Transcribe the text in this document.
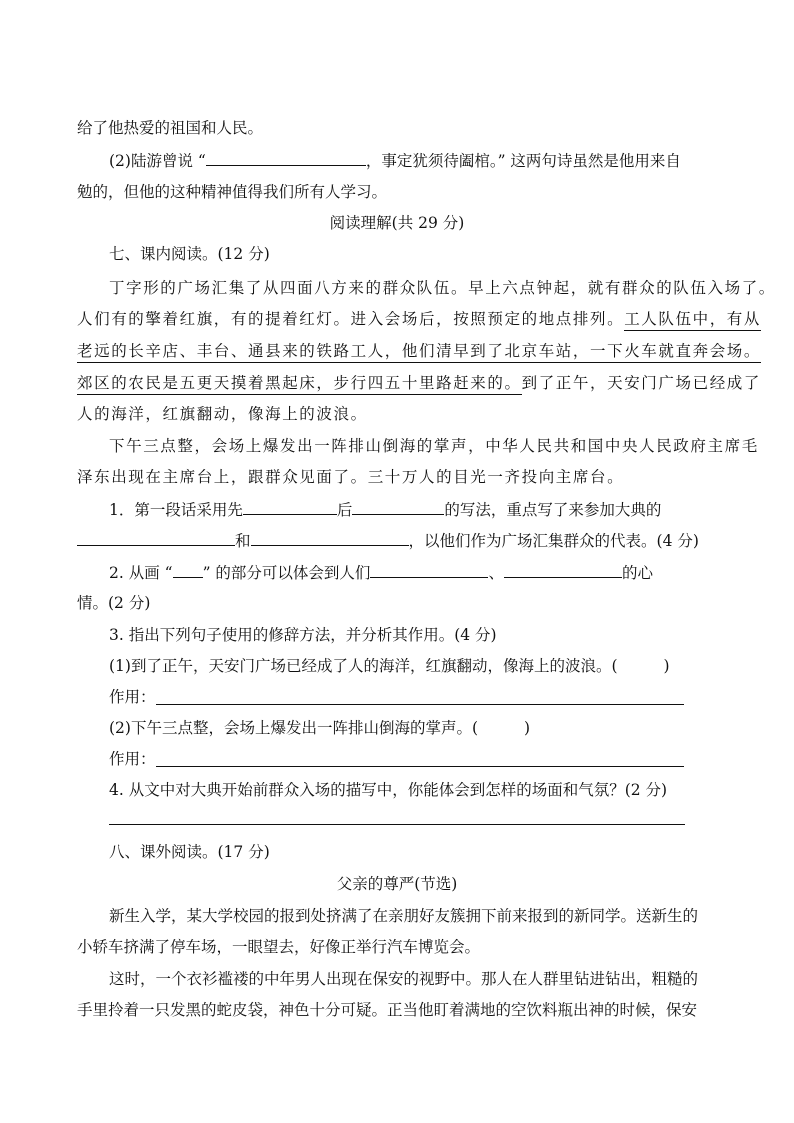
给了他热爱的祖国和人民。
(2)陆游曾说 “	，事定犹须待阖棺。” 这两句诗虽然是他用来自
勉的，但他的这种精神值得我们所有人学习。
阅读理解(共 29 分)
七、课内阅读。(12 分)
丁字形的广场汇集了从四面八方来的群众队伍。早上六点钟起，就有群众的队伍入场了。
人们有的擎着红旗，有的提着红灯。进入会场后，按照预定的地点排列。工人队伍中，有从
老远的长辛店、丰台、通县来的铁路工人，他们清早到了北京车站，一下火车就直奔会场。
郊区的农民是五更天摸着黑起床，步行四五十里路赶来的。到了正午，天安门广场已经成了
人的海洋，红旗翻动，像海上的波浪。
下午三点整，会场上爆发出一阵排山倒海的掌声，中华人民共和国中央人民政府主席毛
泽东出现在主席台上，跟群众见面了。三十万人的目光一齐投向主席台。
1．第一段话采用先	后	的写法，重点写了来参加大典的
和	，以他们作为广场汇集群众的代表。(4 分)
2. 从画 “ ” 的部分可以体会到人们	、	的心
情。(2 分)
3. 指出下列句子使用的修辞方法，并分析其作用。(4 分)
(1)到了正午，天安门广场已经成了人的海洋，红旗翻动，像海上的波浪。(	)
作用：
(2)下午三点整，会场上爆发出一阵排山倒海的掌声。(	)
作用：
4. 从文中对大典开始前群众入场的描写中，你能体会到怎样的场面和气氛？(2 分)
八、课外阅读。(17 分)
父亲的尊严(节选)
新生入学，某大学校园的报到处挤满了在亲朋好友簇拥下前来报到的新同学。送新生的
小轿车挤满了停车场，一眼望去，好像正举行汽车博览会。
这时，一个衣衫褴褛的中年男人出现在保安的视野中。那人在人群里钻进钻出，粗糙的
手里拎着一只发黑的蛇皮袋，神色十分可疑。正当他盯着满地的空饮料瓶出神的时候，保安
